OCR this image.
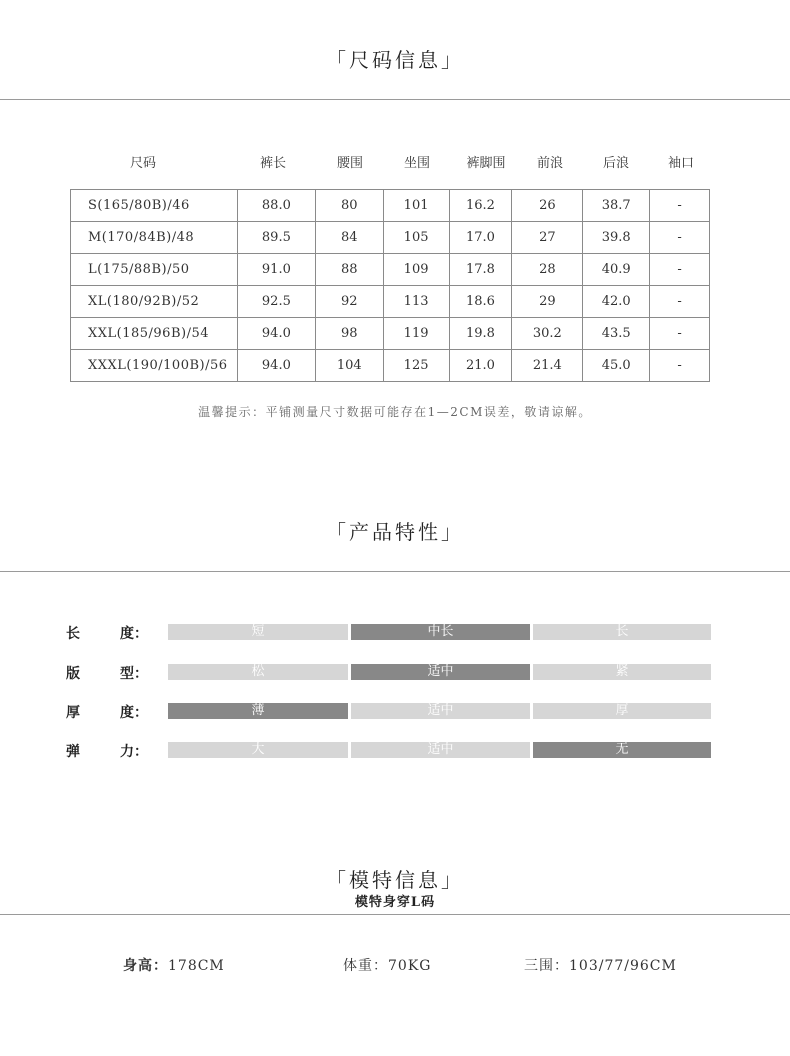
「尺码信息」
尺码	裤长	腰围	坐围	裤脚围	前浪	后浪	袖口
S(165/80B)/46	88.0	80	101	16.2	26	38.7	-
M(170/84B)/48	89.5	84	105	17.0	27	39.8	-
L(175/88B)/50	91.0	88	109	17.8	28	40.9	-
XL(180/92B)/52	92.5	92	113	18.6	29	42.0	-
XXL(185/96B)/54	94.0	98	119	19.8	30.2	43.5	-
XXXL(190/100B)/56	94.0	104	125	21.0	21.4	45.0	-
温馨提示：平铺测量尺寸数据可能存在1—2CM误差，敬请谅解。
「产品特性」
长	度：	短	中长	长
版	型：	松	适中	紧
厚	度：	薄	适中	厚
弹	力：	大	适中	无
「模特信息」
模特身穿L码
身高：178CM	体重：70KG	三围：103/77/96CM
